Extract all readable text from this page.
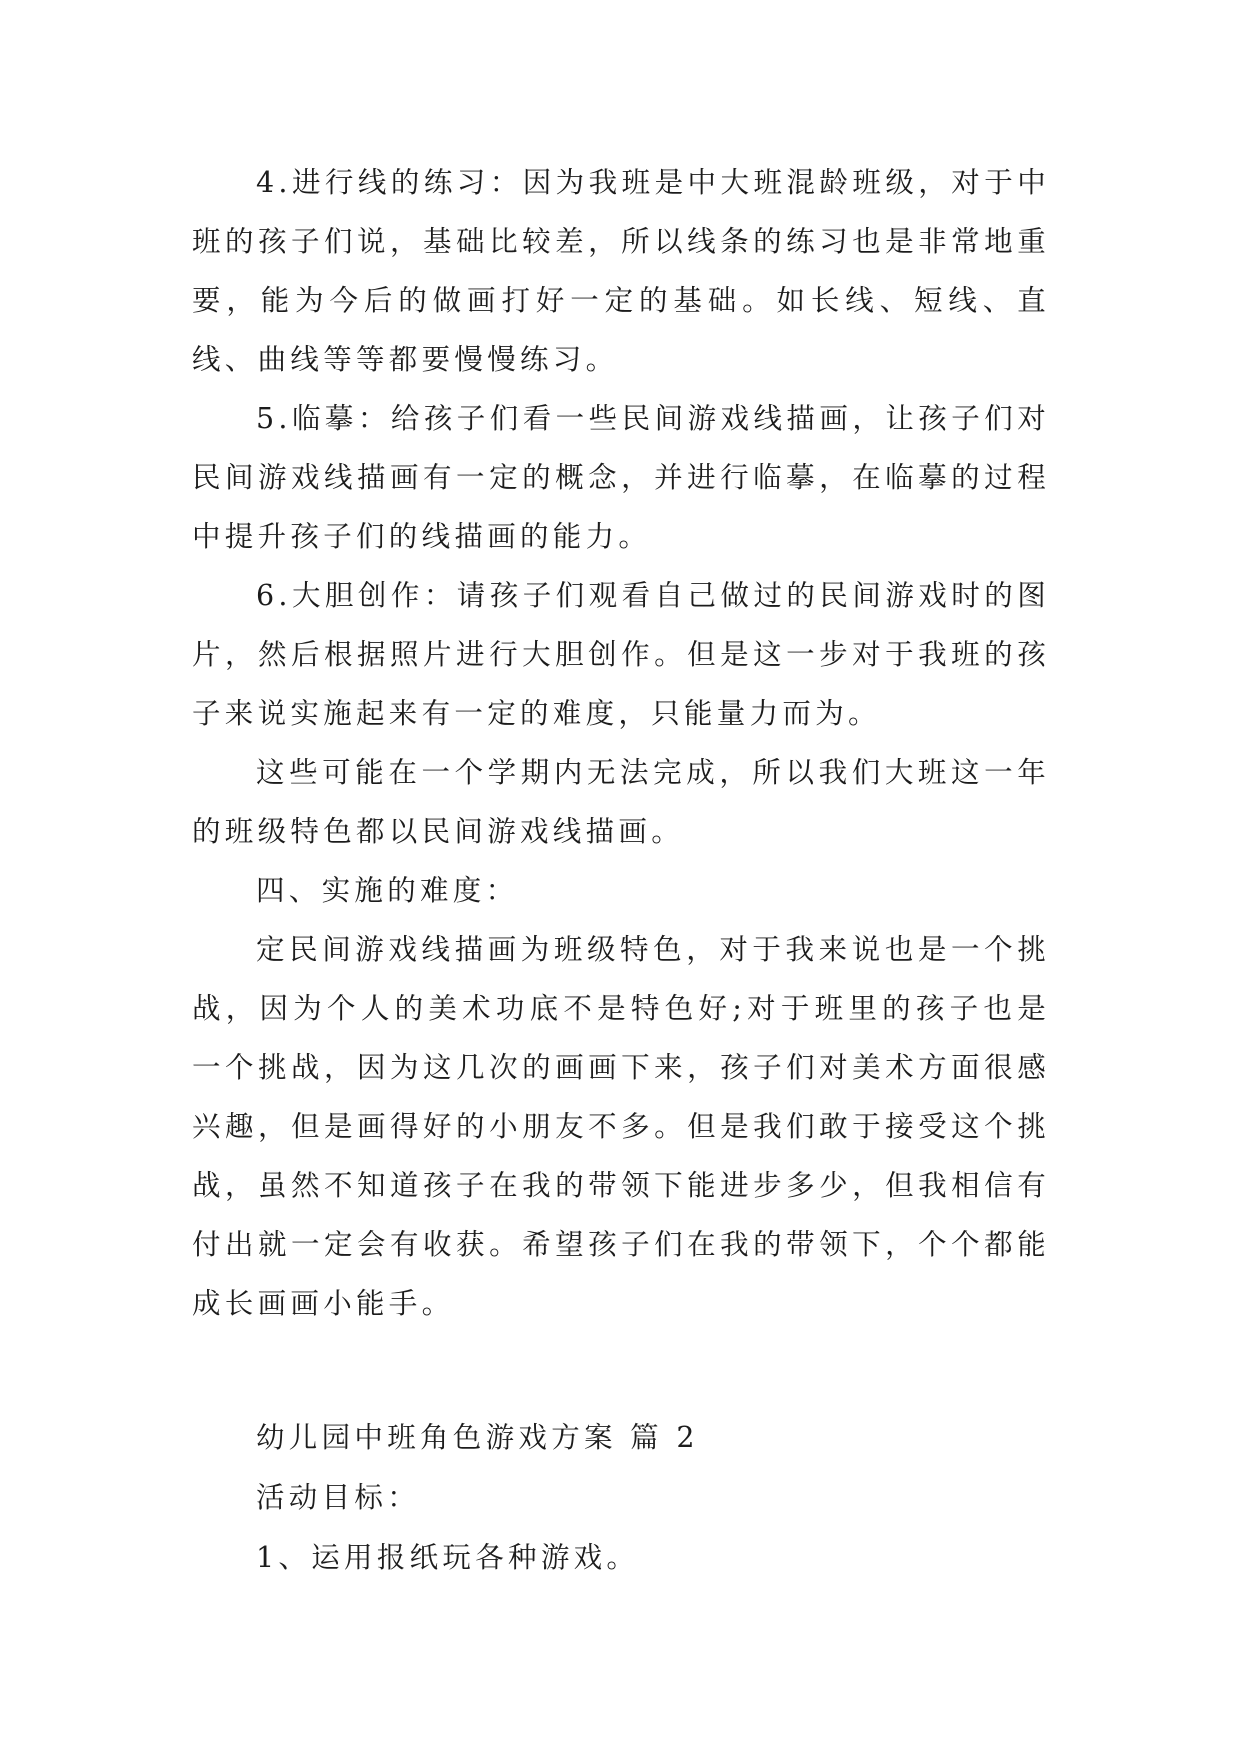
4.进行线的练习：因为我班是中大班混龄班级，对于中班的孩子们说，基础比较差，所以线条的练习也是非常地重要，能为今后的做画打好一定的基础。如长线、短线、直线、曲线等等都要慢慢练习。

5.临摹：给孩子们看一些民间游戏线描画，让孩子们对民间游戏线描画有一定的概念，并进行临摹，在临摹的过程中提升孩子们的线描画的能力。

6.大胆创作：请孩子们观看自己做过的民间游戏时的图片，然后根据照片进行大胆创作。但是这一步对于我班的孩子来说实施起来有一定的难度，只能量力而为。

这些可能在一个学期内无法完成，所以我们大班这一年的班级特色都以民间游戏线描画。

四、实施的难度：

定民间游戏线描画为班级特色，对于我来说也是一个挑战，因为个人的美术功底不是特色好;对于班里的孩子也是一个挑战，因为这几次的画画下来，孩子们对美术方面很感兴趣，但是画得好的小朋友不多。但是我们敢于接受这个挑战，虽然不知道孩子在我的带领下能进步多少，但我相信有付出就一定会有收获。希望孩子们在我的带领下，个个都能成长画画小能手。

幼儿园中班角色游戏方案 篇 2

活动目标：

1、运用报纸玩各种游戏。
